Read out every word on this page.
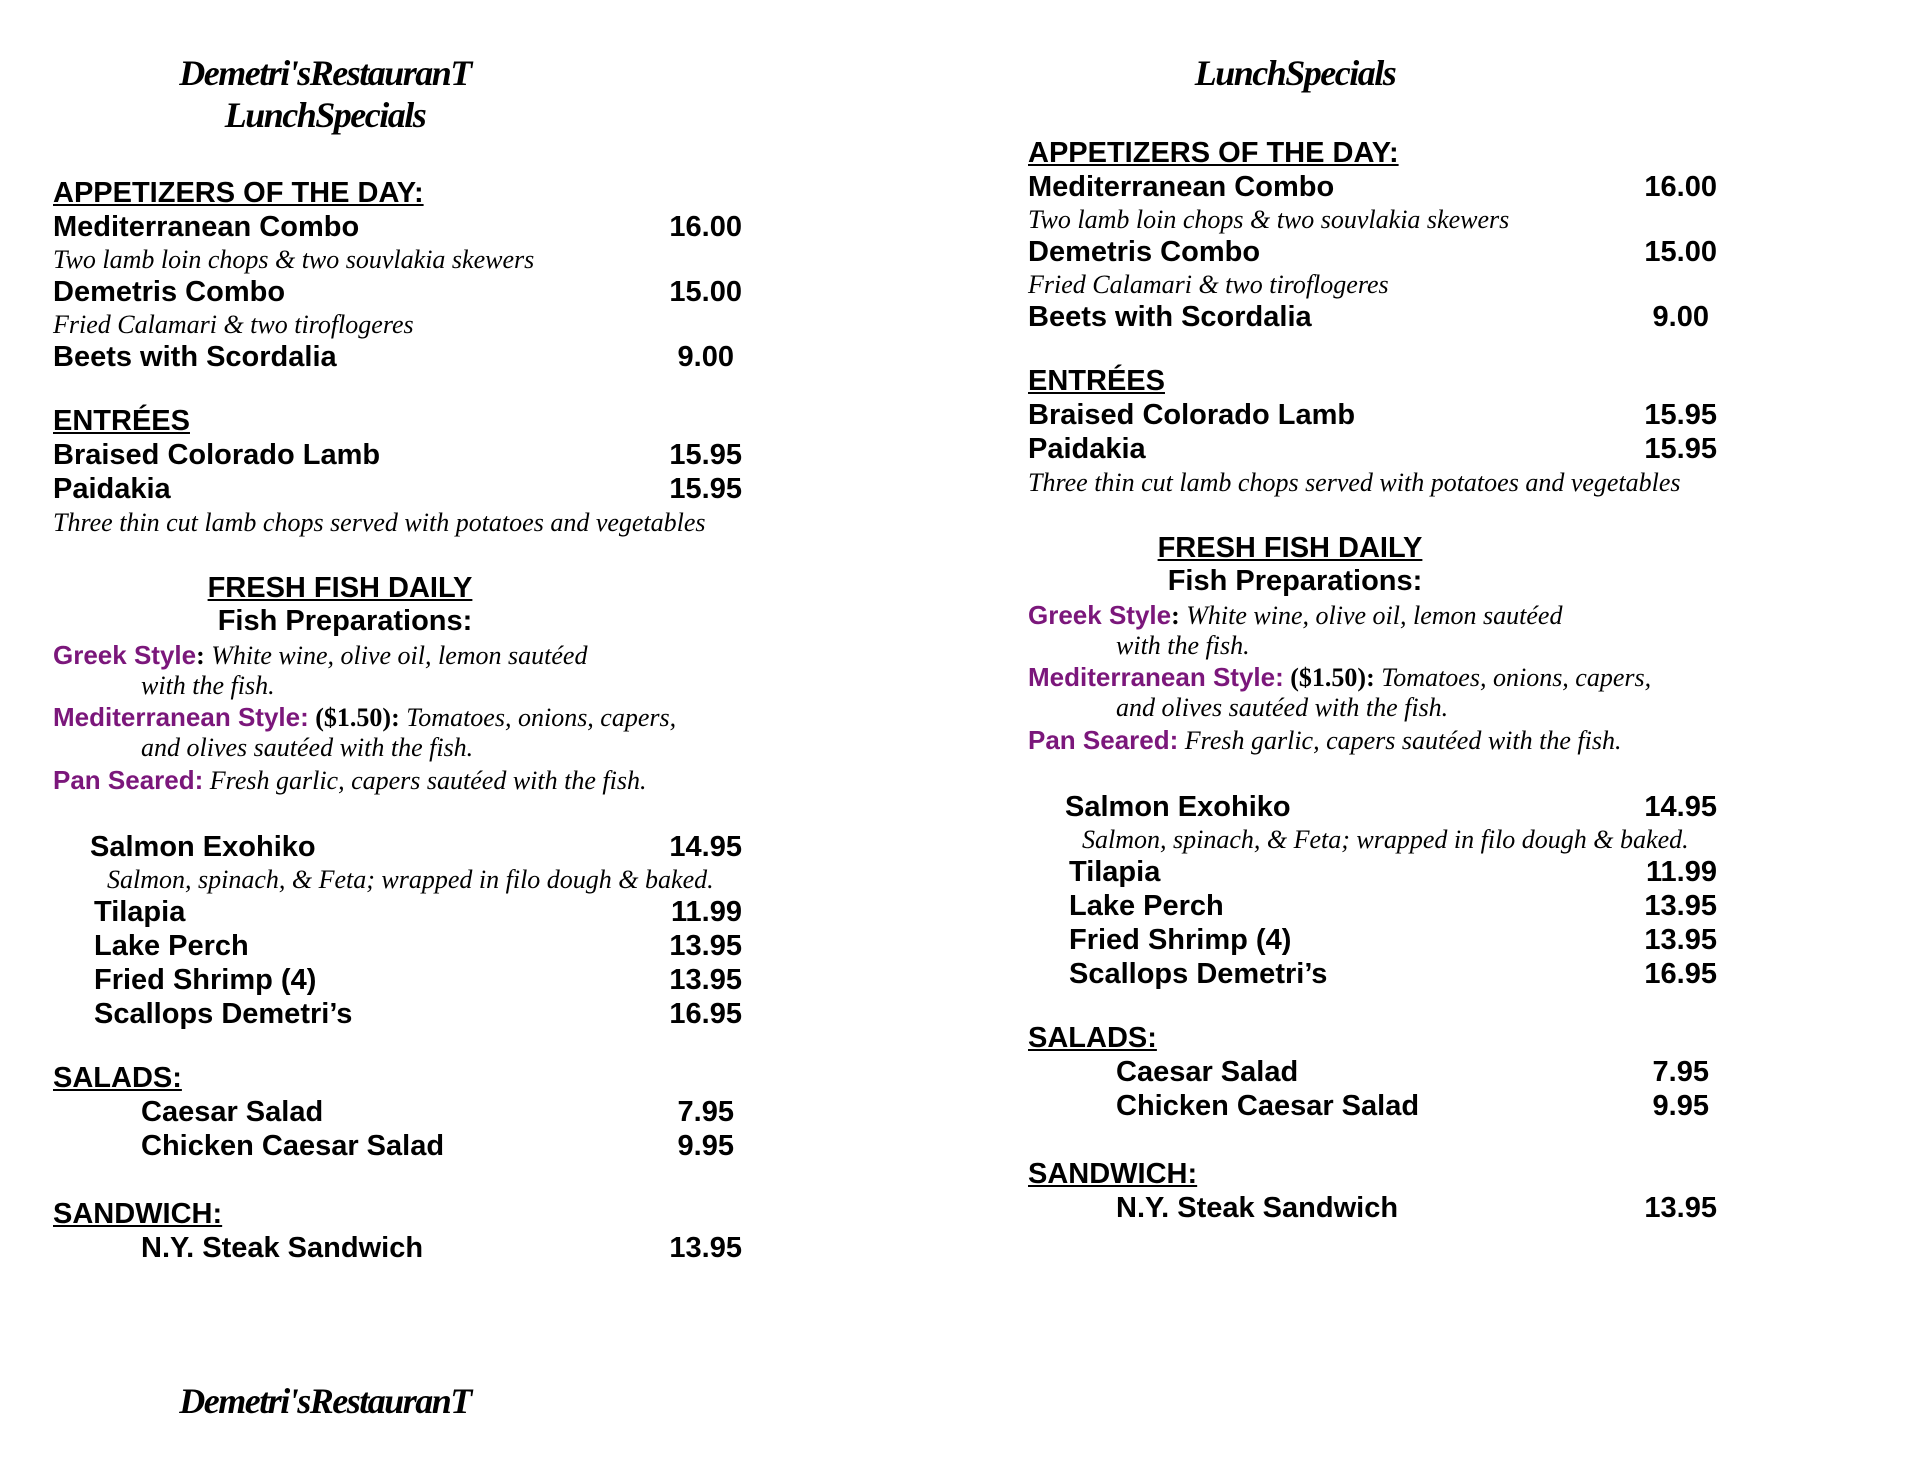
Demetri'sRestauranT
LunchSpecials
APPETIZERS OF THE DAY:
Mediterranean Combo	16.00
Two lamb loin chops & two souvlakia skewers
Demetris Combo	15.00
Fried Calamari & two tiroflogeres
Beets with Scordalia	9.00
ENTRÉES
Braised Colorado Lamb	15.95
Paidakia	15.95
Three thin cut lamb chops served with potatoes and vegetables
FRESH FISH DAILY
Fish Preparations:
Greek Style: White wine, olive oil, lemon sautéed
with the fish.
Mediterranean Style: ($1.50): Tomatoes, onions, capers,
and olives sautéed with the fish.
Pan Seared: Fresh garlic, capers sautéed with the fish.
Salmon Exohiko	14.95
Salmon, spinach, & Feta; wrapped in filo dough & baked.
Tilapia	11.99
Lake Perch	13.95
Fried Shrimp (4)	13.95
Scallops Demetri’s	16.95
SALADS:
Caesar Salad	7.95
Chicken Caesar Salad	9.95
SANDWICH:
N.Y. Steak Sandwich	13.95
Demetri'sRestauranT
LunchSpecials
APPETIZERS OF THE DAY:
Mediterranean Combo	16.00
Two lamb loin chops & two souvlakia skewers
Demetris Combo	15.00
Fried Calamari & two tiroflogeres
Beets with Scordalia	9.00
ENTRÉES
Braised Colorado Lamb	15.95
Paidakia	15.95
Three thin cut lamb chops served with potatoes and vegetables
FRESH FISH DAILY
Fish Preparations:
Greek Style: White wine, olive oil, lemon sautéed
with the fish.
Mediterranean Style: ($1.50): Tomatoes, onions, capers,
and olives sautéed with the fish.
Pan Seared: Fresh garlic, capers sautéed with the fish.
Salmon Exohiko	14.95
Salmon, spinach, & Feta; wrapped in filo dough & baked.
Tilapia	11.99
Lake Perch	13.95
Fried Shrimp (4)	13.95
Scallops Demetri’s	16.95
SALADS:
Caesar Salad	7.95
Chicken Caesar Salad	9.95
SANDWICH:
N.Y. Steak Sandwich	13.95
